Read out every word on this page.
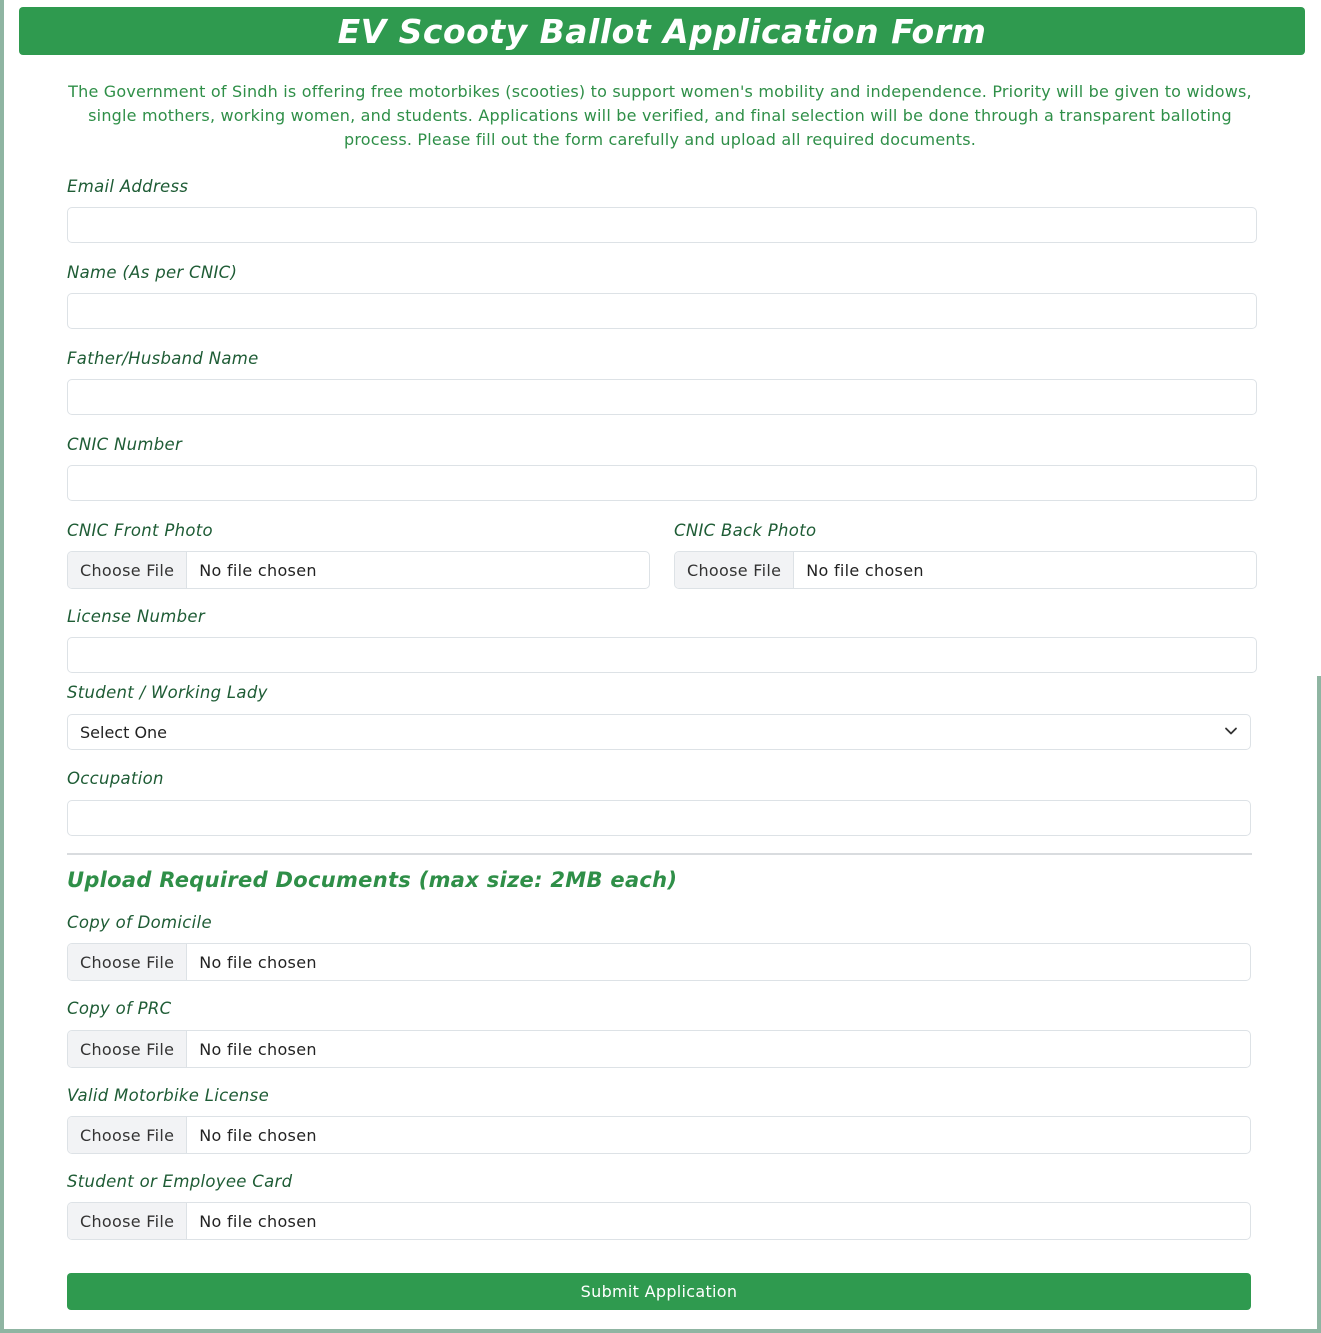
EV Scooty Ballot Application Form
The Government of Sindh is offering free motorbikes (scooties) to support women's mobility and independence. Priority will be given to widows, single mothers, working women, and students. Applications will be verified, and final selection will be done through a transparent balloting process. Please fill out the form carefully and upload all required documents.
Email Address
Name (As per CNIC)
Father/Husband Name
CNIC Number
CNIC Front Photo
Choose File	No file chosen
CNIC Back Photo
Choose File	No file chosen
License Number
Student / Working Lady
Select One
Occupation
Upload Required Documents (max size: 2MB each)
Copy of Domicile
Choose File	No file chosen
Copy of PRC
Choose File	No file chosen
Valid Motorbike License
Choose File	No file chosen
Student or Employee Card
Choose File	No file chosen
Submit Application
